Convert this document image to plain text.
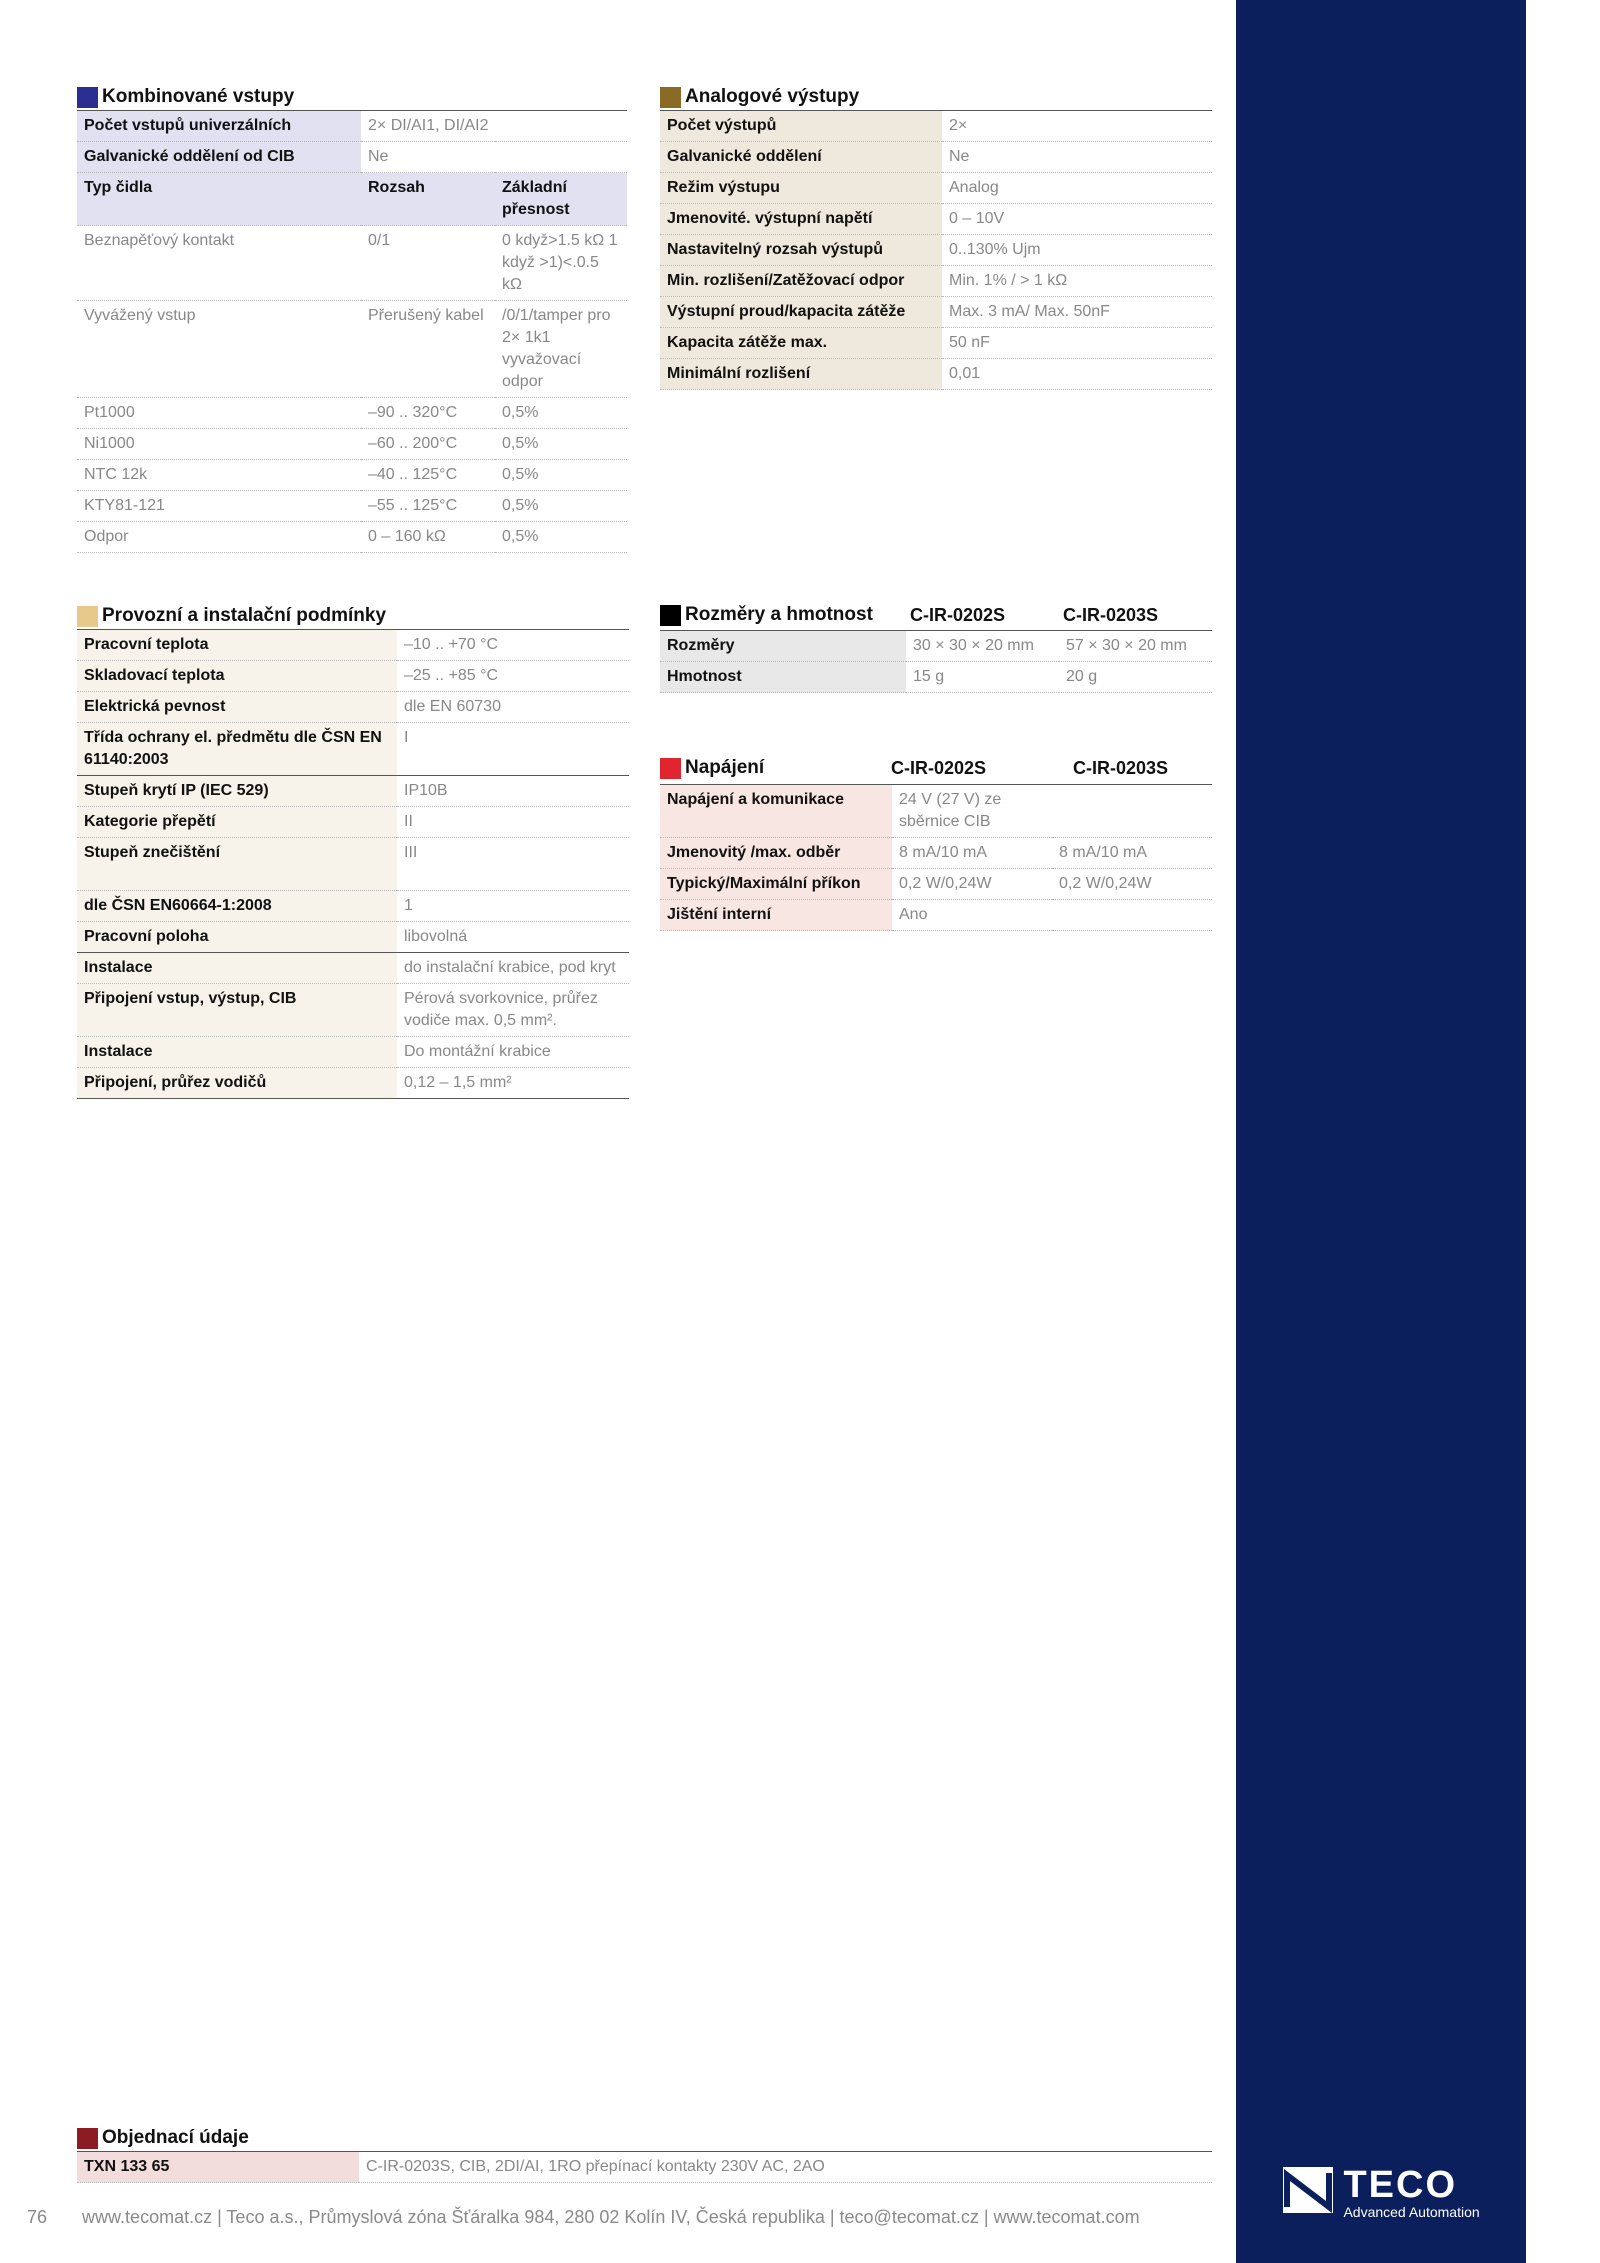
Kombinované vstupy
Počet vstupů univerzálních	2× DI/AI1, DI/AI2	
Galvanické oddělení od CIB	Ne	
Typ čidla	Rozsah	Základní přesnost
Beznapěťový kontakt	0/1	0 když>1.5 kΩ 1 když >1)<.0.5 kΩ
Vyvážený vstup	Přerušený kabel	/0/1/tamper pro 2× 1k1 vyvažovací odpor
Pt1000	–90 .. 320°C	0,5%
Ni1000	–60 .. 200°C	0,5%
NTC 12k	–40 .. 125°C	0,5%
KTY81-121	–55 .. 125°C	0,5%
Odpor	0 – 160 kΩ	0,5%
Analogové výstupy
Počet výstupů	2×
Galvanické oddělení	Ne
Režim výstupu	Analog
Jmenovité. výstupní napětí	0 – 10V
Nastavitelný rozsah výstupů	0..130% Ujm
Min. rozlišení/Zatěžovací odpor	Min. 1% / > 1 kΩ
Výstupní proud/kapacita zátěže	Max. 3 mA/ Max. 50nF
Kapacita zátěže max.	50 nF
Minimální rozlišení	0,01
Provozní a instalační podmínky
Pracovní teplota	–10 .. +70 °C
Skladovací teplota	–25 .. +85 °C
Elektrická pevnost	dle EN 60730
Třída ochrany el. předmětu dle ČSN EN 61140:2003	I
Stupeň krytí IP (IEC 529)	IP10B
Kategorie přepětí	II
Stupeň znečištění	III
dle ČSN EN60664-1:2008	1
Pracovní poloha	libovolná
Instalace	do instalační krabice, pod kryt
Připojení vstup, výstup, CIB	Pérová svorkovnice, průřez vodiče max. 0,5 mm².
Instalace	Do montážní krabice
Připojení, průřez vodičů	0,12 – 1,5 mm²
Rozměry a hmotnost	C-IR-0202S	C-IR-0203S
Rozměry	30 × 30 × 20 mm	57 × 30 × 20 mm
Hmotnost	15 g	20 g
Napájení	C-IR-0202S	C-IR-0203S
Napájení a komunikace	24 V (27 V) ze sběrnice CIB	
Jmenovitý /max. odběr	8 mA/10 mA	8 mA/10 mA
Typický/Maximální příkon	0,2 W/0,24W	0,2 W/0,24W
Jištění interní	Ano	
Objednací údaje
TXN 133 65	C-IR-0203S, CIB, 2DI/AI, 1RO přepínací kontakty 230V AC, 2AO
76 www.tecomat.cz | Teco a.s., Průmyslová zóna Šťáralka 984, 280 02 Kolín IV, Česká republika | teco@tecomat.cz | www.tecomat.com

TECO
Advanced Automation
